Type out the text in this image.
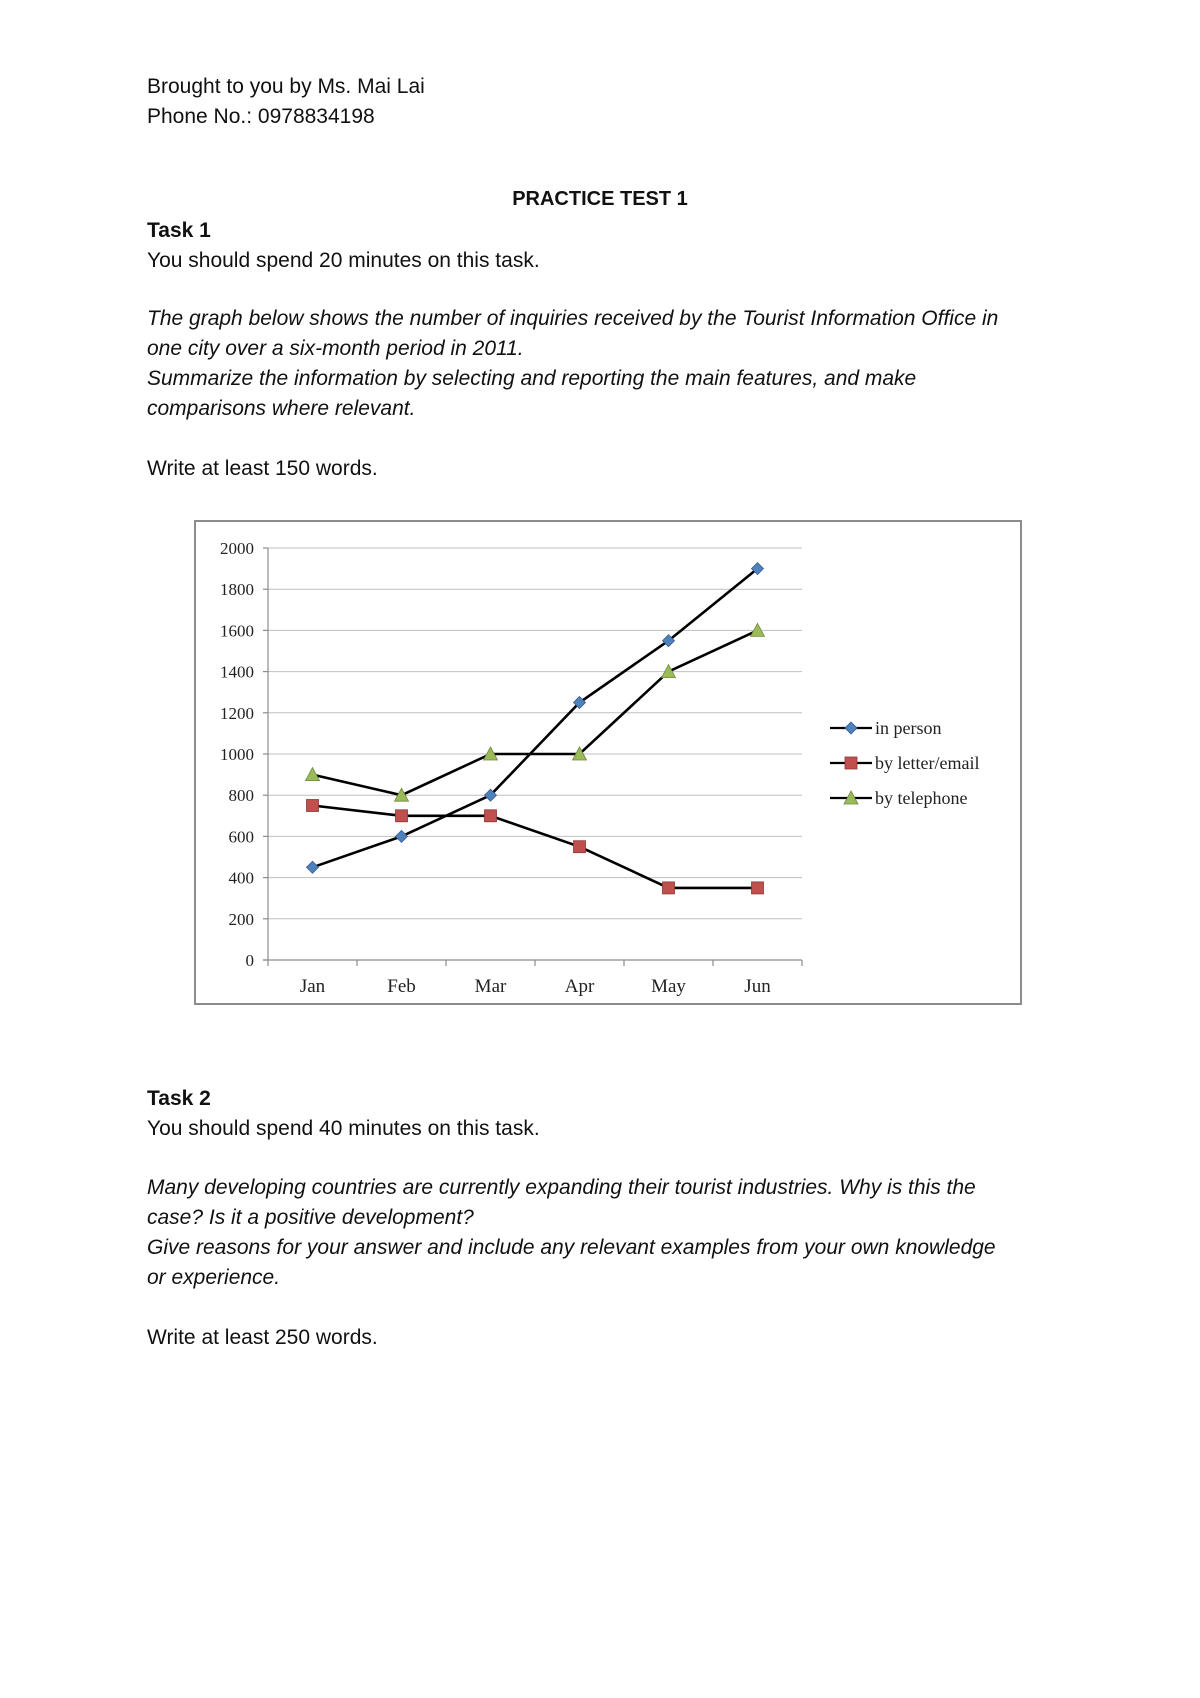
Brought to you by Ms. Mai Lai
Phone No.: 0978834198
PRACTICE TEST 1
Task 1
You should spend 20 minutes on this task.
The graph below shows the number of inquiries received by the Tourist Information Office in
one city over a six-month period in 2011.
Summarize the information by selecting and reporting the main features, and make
comparisons where relevant.
Write at least 150 words.
0
200
400
600
800
1000
1200
1400
1600
1800
2000
Jan	Feb	Mar	Apr	May	Jun
in person
by letter/email
by telephone
Task 2
You should spend 40 minutes on this task.
Many developing countries are currently expanding their tourist industries. Why is this the
case? Is it a positive development?
Give reasons for your answer and include any relevant examples from your own knowledge
or experience.
Write at least 250 words.
